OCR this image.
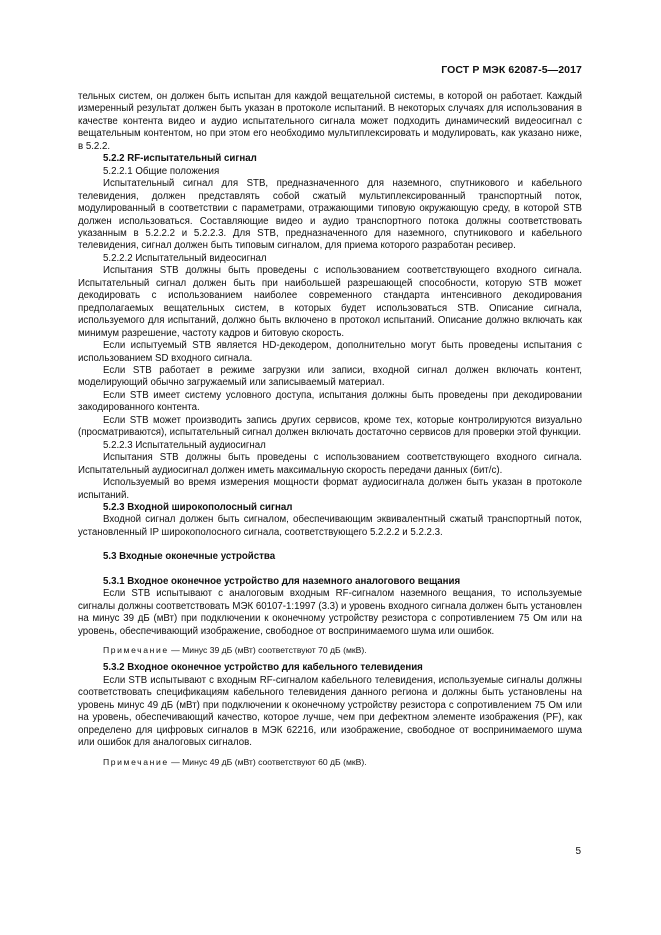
ГОСТ Р МЭК 62087-5—2017

тельных систем, он должен быть испытан для каждой вещательной системы, в которой он работает. Каждый измеренный результат должен быть указан в протоколе испытаний. В некоторых случаях для использования в качестве контента видео и аудио испытательного сигнала может подходить динамический видеосигнал с вещательным контентом, но при этом его необходимо мультиплексировать и модулировать, как указано ниже, в 5.2.2.

5.2.2 RF-испытательный сигнал

5.2.2.1 Общие положения

Испытательный сигнал для STB, предназначенного для наземного, спутникового и кабельного телевидения, должен представлять собой сжатый мультиплексированный транспортный поток, модулированный в соответствии с параметрами, отражающими типовую окружающую среду, в которой STB должен использоваться. Составляющие видео и аудио транспортного потока должны соответствовать указанным в 5.2.2.2 и 5.2.2.3. Для STB, предназначенного для наземного, спутникового и кабельного телевидения, сигнал должен быть типовым сигналом, для приема которого разработан ресивер.

5.2.2.2 Испытательный видеосигнал

Испытания STB должны быть проведены с использованием соответствующего входного сигнала. Испытательный сигнал должен быть при наибольшей разрешающей способности, которую STB может декодировать с использованием наиболее современного стандарта интенсивного декодирования предполагаемых вещательных систем, в которых будет использоваться STB. Описание сигнала, используемого для испытаний, должно быть включено в протокол испытаний. Описание должно включать как минимум разрешение, частоту кадров и битовую скорость.

Если испытуемый STB является HD-декодером, дополнительно могут быть проведены испытания с использованием SD входного сигнала.

Если STB работает в режиме загрузки или записи, входной сигнал должен включать контент, моделирующий обычно загружаемый или записываемый материал.

Если STB имеет систему условного доступа, испытания должны быть проведены при декодировании закодированного контента.

Если STB может производить запись других сервисов, кроме тех, которые контролируются визуально (просматриваются), испытательный сигнал должен включать достаточно сервисов для проверки этой функции.

5.2.2.3 Испытательный аудиосигнал

Испытания STB должны быть проведены с использованием соответствующего входного сигнала. Испытательный аудиосигнал должен иметь максимальную скорость передачи данных (бит/с).

Используемый во время измерения мощности формат аудиосигнала должен быть указан в протоколе испытаний.

5.2.3 Входной широкополосный сигнал

Входной сигнал должен быть сигналом, обеспечивающим эквивалентный сжатый транспортный поток, установленный IP широкополосного сигнала, соответствующего 5.2.2.2 и 5.2.2.3.

5.3 Входные оконечные устройства

5.3.1 Входное оконечное устройство для наземного аналогового вещания

Если STB испытывают с аналоговым входным RF-сигналом наземного вещания, то используемые сигналы должны соответствовать МЭК 60107-1:1997 (3.3) и уровень входного сигнала должен быть установлен на минус 39 дБ (мВт) при подключении к оконечному устройству резистора с сопротивлением 75 Ом или на уровень, обеспечивающий изображение, свободное от воспринимаемого шума или ошибок.

Примечание — Минус 39 дБ (мВт) соответствуют 70 дБ (мкВ).

5.3.2 Входное оконечное устройство для кабельного телевидения

Если STB испытывают с входным RF-сигналом кабельного телевидения, используемые сигналы должны соответствовать спецификациям кабельного телевидения данного региона и должны быть установлены на уровень минус 49 дБ (мВт) при подключении к оконечному устройству резистора с сопротивлением 75 Ом или на уровень, обеспечивающий качество, которое лучше, чем при дефектном элементе изображения (PF), как определено для цифровых сигналов в МЭК 62216, или изображение, свободное от воспринимаемого шума или ошибок для аналоговых сигналов.

Примечание — Минус 49 дБ (мВт) соответствуют 60 дБ (мкВ).

5
